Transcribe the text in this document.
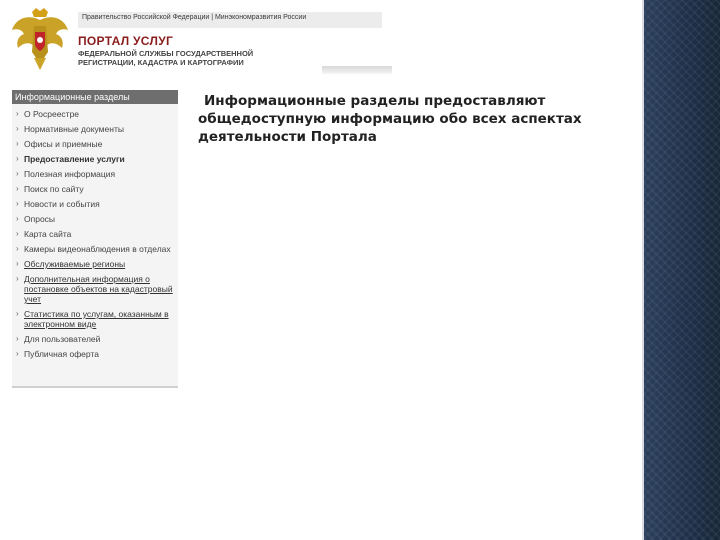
Правительство Российской Федерации | Минэкономразвития России
ПОРТАЛ УСЛУГ
ФЕДЕРАЛЬНОЙ СЛУЖБЫ ГОСУДАРСТВЕННОЙ РЕГИСТРАЦИИ, КАДАСТРА И КАРТОГРАФИИ
Информационные разделы
› О Росреестре
› Нормативные документы
› Офисы и приемные
› Предоставление услуги
› Полезная информация
› Поиск по сайту
› Новости и события
› Опросы
› Карта сайта
› Камеры видеонаблюдения в отделах
› Обслуживаемые регионы
› Дополнительная информация о постановке объектов на кадастровый учет
› Статистика по услугам, оказанным в электронном виде
› Для пользователей
› Публичная оферта
Информационные разделы предоставляют общедоступную информацию обо всех аспектах деятельности Портала
